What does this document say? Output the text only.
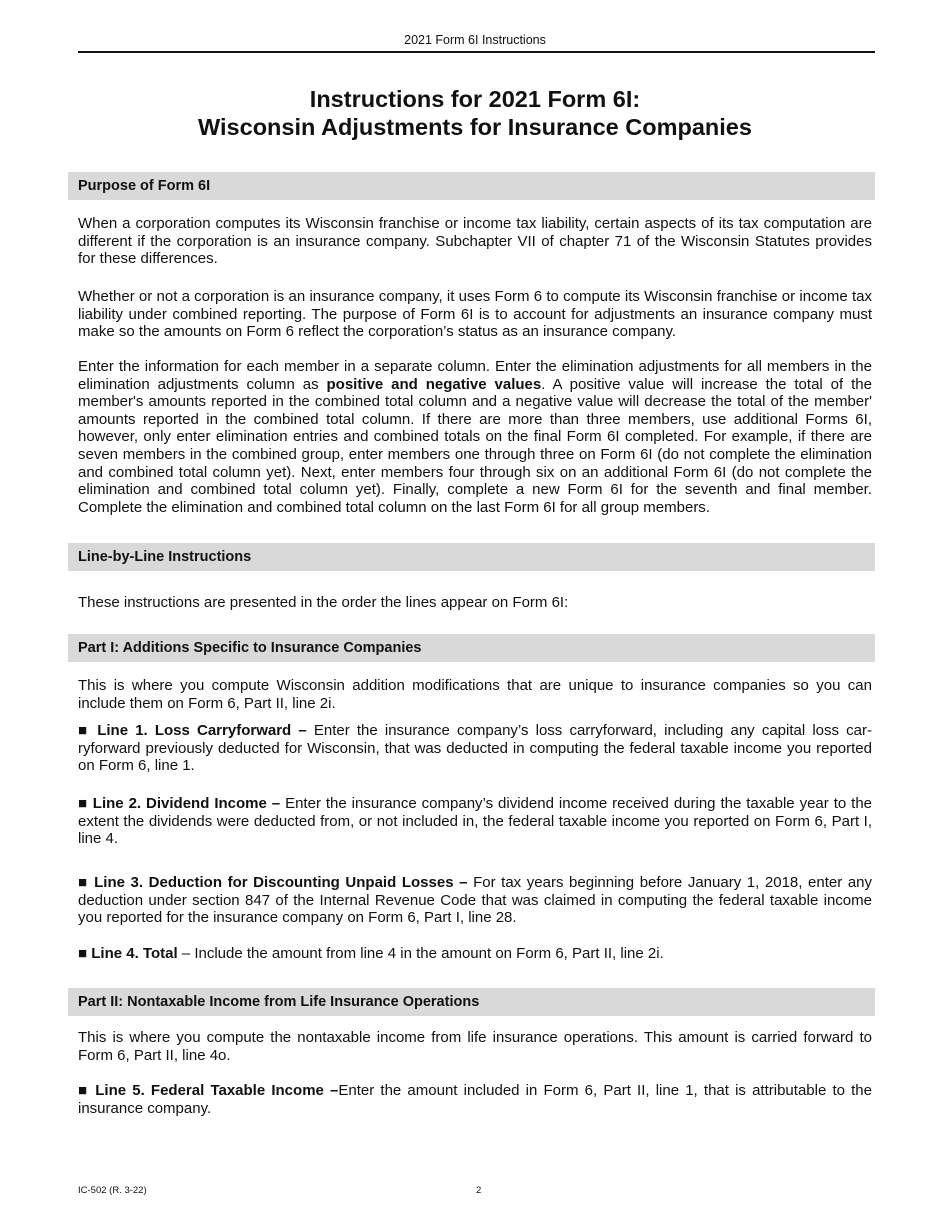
2021 Form 6I Instructions
Instructions for 2021 Form 6I:
Wisconsin Adjustments for Insurance Companies
Purpose of Form 6I

When a corporation computes its Wisconsin franchise or income tax liability, certain aspects of its tax computation are different if the corporation is an insurance company. Subchapter VII of chapter 71 of the Wisconsin Statutes provides for these differences.

Whether or not a corporation is an insurance company, it uses Form 6 to compute its Wisconsin franchise or income tax liability under combined reporting. The purpose of Form 6I is to account for adjustments an insurance company must make so the amounts on Form 6 reflect the corporation’s status as an insurance company.

Enter the information for each member in a separate column. Enter the elimination adjustments for all members in the elimination adjustments column as positive and negative values. A positive value will increase the total of the member's amounts reported in the combined total column and a negative value will decrease the total of the member' amounts reported in the combined total column. If there are more than three members, use additional Forms 6I, however, only enter elimination entries and combined totals on the final Form 6I completed. For example, if there are seven members in the combined group, enter members one through three on Form 6I (do not complete the elimination and combined total column yet). Next, enter members four through six on an additional Form 6I (do not complete the elimination and combined total column yet). Finally, complete a new Form 6I for the seventh and final member. Complete the elimination and combined total column on the last Form 6I for all group members.

Line-by-Line Instructions

These instructions are presented in the order the lines appear on Form 6I:

Part I: Additions Specific to Insurance Companies

This is where you compute Wisconsin addition modifications that are unique to insurance companies so you can include them on Form 6, Part II, line 2i.

■ Line 1. Loss Carryforward – Enter the insurance company’s loss carryforward, including any capital loss carryforward previously deducted for Wisconsin, that was deducted in computing the federal taxable income you reported on Form 6, line 1.

■ Line 2. Dividend Income – Enter the insurance company’s dividend income received during the taxable year to the extent the dividends were deducted from, or not included in, the federal taxable income you reported on Form 6, Part I, line 4.

■ Line 3. Deduction for Discounting Unpaid Losses – For tax years beginning before January 1, 2018, enter any deduction under section 847 of the Internal Revenue Code that was claimed in computing the federal taxable income you reported for the insurance company on Form 6, Part I, line 28.

■ Line 4. Total – Include the amount from line 4 in the amount on Form 6, Part II, line 2i.

Part II: Nontaxable Income from Life Insurance Operations

This is where you compute the nontaxable income from life insurance operations. This amount is carried forward to Form 6, Part II, line 4o.

■ Line 5. Federal Taxable Income –Enter the amount included in Form 6, Part II, line 1, that is attributable to the insurance company.

IC-502 (R. 3-22)	2
